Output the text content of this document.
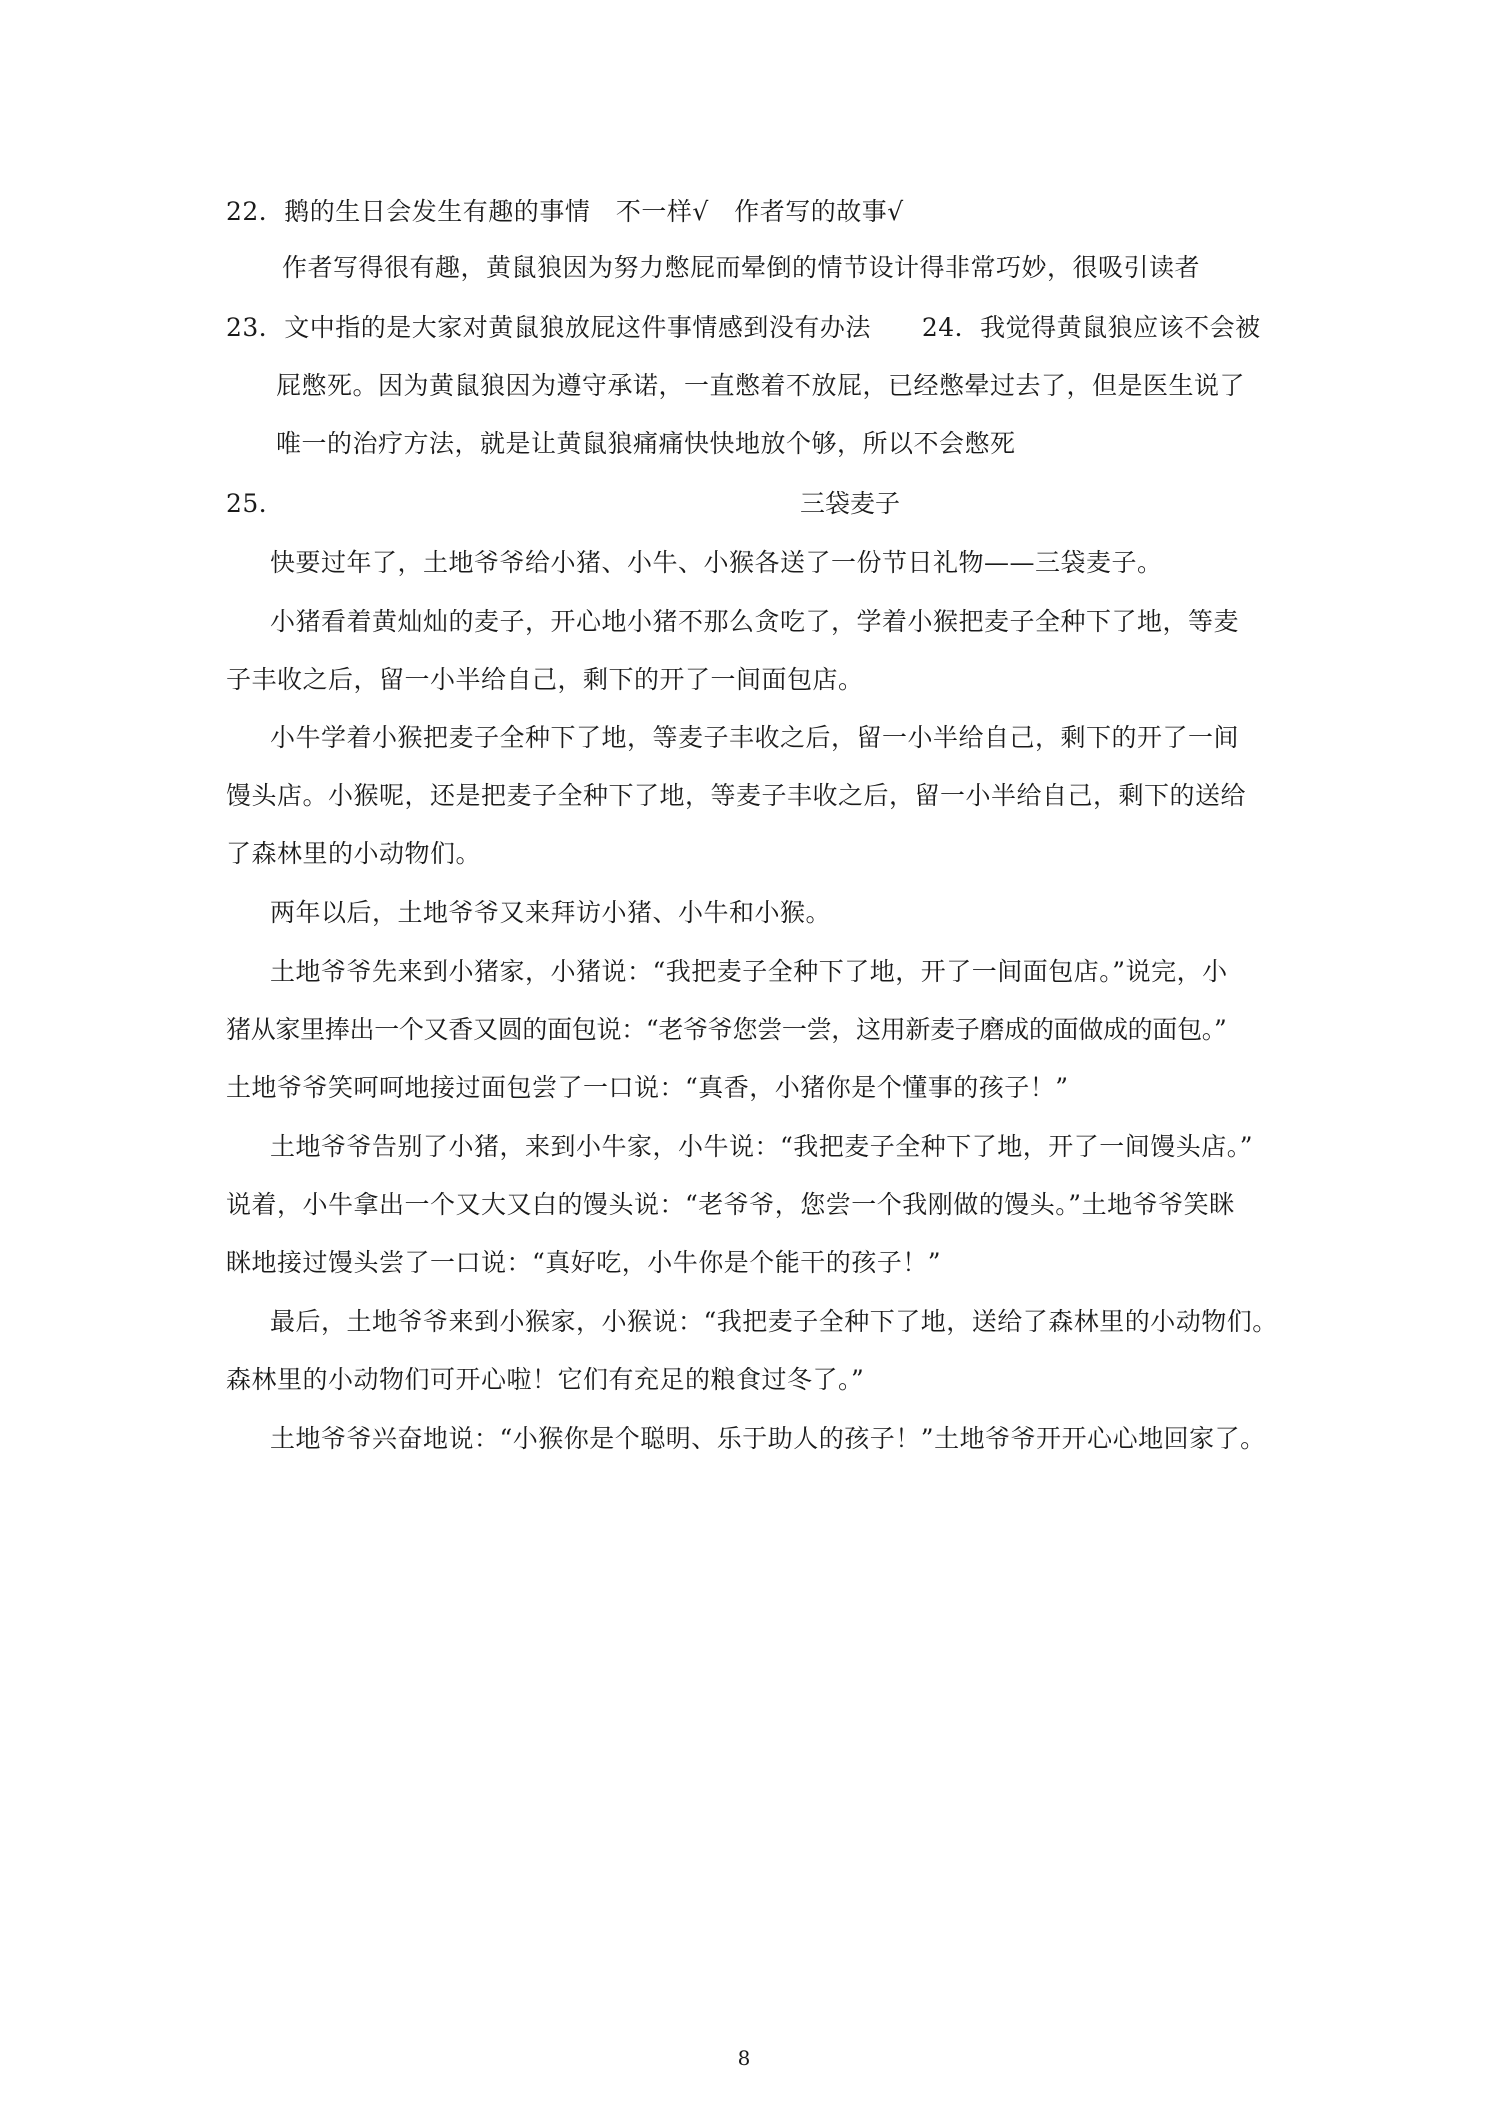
22．鹅的生日会发生有趣的事情　不一样√　作者写的故事√
作者写得很有趣，黄鼠狼因为努力憋屁而晕倒的情节设计得非常巧妙，很吸引读者
23．文中指的是大家对黄鼠狼放屁这件事情感到没有办法　　24．我觉得黄鼠狼应该不会被
屁憋死。因为黄鼠狼因为遵守承诺，一直憋着不放屁，已经憋晕过去了，但是医生说了
唯一的治疗方法，就是让黄鼠狼痛痛快快地放个够，所以不会憋死
25．	三袋麦子
快要过年了，土地爷爷给小猪、小牛、小猴各送了一份节日礼物——三袋麦子。
小猪看着黄灿灿的麦子，开心地小猪不那么贪吃了，学着小猴把麦子全种下了地，等麦
子丰收之后，留一小半给自己，剩下的开了一间面包店。
小牛学着小猴把麦子全种下了地，等麦子丰收之后，留一小半给自己，剩下的开了一间
馒头店。小猴呢，还是把麦子全种下了地，等麦子丰收之后，留一小半给自己，剩下的送给
了森林里的小动物们。
两年以后，土地爷爷又来拜访小猪、小牛和小猴。
土地爷爷先来到小猪家，小猪说：“我把麦子全种下了地，开了一间面包店。”说完，小
猪从家里捧出一个又香又圆的面包说：“老爷爷您尝一尝，这用新麦子磨成的面做成的面包。”
土地爷爷笑呵呵地接过面包尝了一口说：“真香，小猪你是个懂事的孩子！”
土地爷爷告别了小猪，来到小牛家，小牛说：“我把麦子全种下了地，开了一间馒头店。”
说着，小牛拿出一个又大又白的馒头说：“老爷爷，您尝一个我刚做的馒头。”土地爷爷笑眯
眯地接过馒头尝了一口说：“真好吃，小牛你是个能干的孩子！”
最后，土地爷爷来到小猴家，小猴说：“我把麦子全种下了地，送给了森林里的小动物们。
森林里的小动物们可开心啦！它们有充足的粮食过冬了。”
土地爷爷兴奋地说：“小猴你是个聪明、乐于助人的孩子！”土地爷爷开开心心地回家了。
8
